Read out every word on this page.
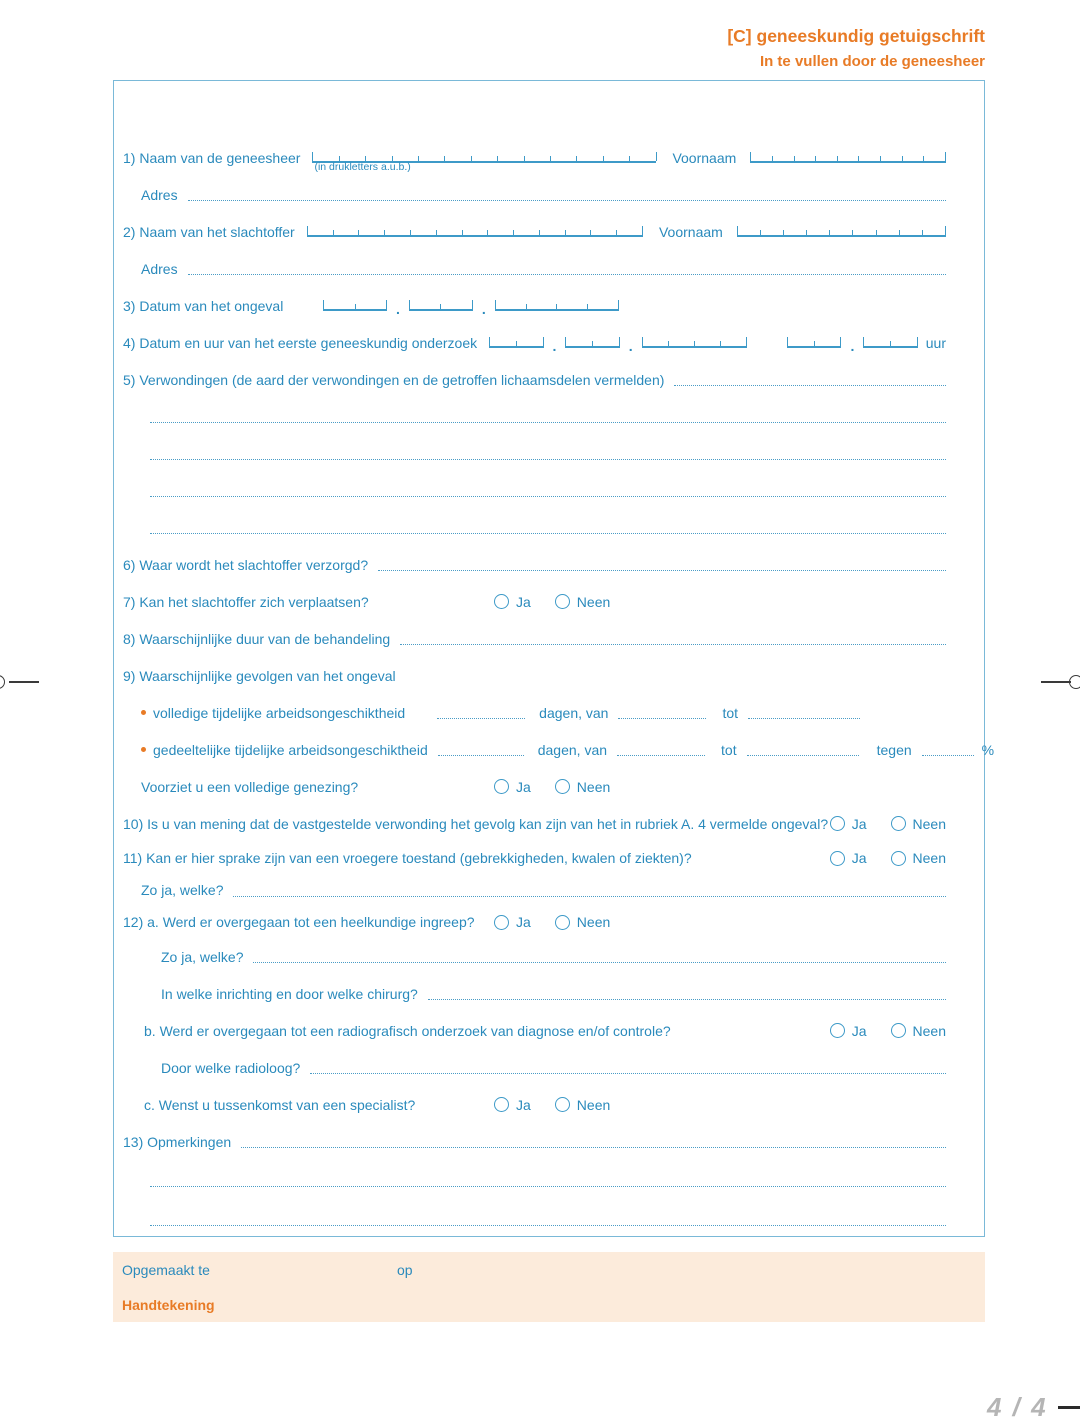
[C] geneeskundig getuigschrift
In te vullen door de geneesheer
1) Naam van de geneesheer
(in drukletters a.u.b.)
Voornaam
Adres
2) Naam van het slachtoffer	Voornaam
Adres
3) Datum van het ongeval	.	.
4) Datum en uur van het eerste geneeskundig onderzoek	.	.	.	uur
5) Verwondingen (de aard der verwondingen en de getroffen lichaamsdelen vermelden)
6) Waar wordt het slachtoffer verzorgd?
7) Kan het slachtoffer zich verplaatsen?	Ja	Neen
8) Waarschijnlijke duur van de behandeling
9) Waarschijnlijke gevolgen van het ongeval
volledige tijdelijke arbeidsongeschiktheid	dagen, van	tot
gedeeltelijke tijdelijke arbeidsongeschiktheid	dagen, van	tot	tegen	%
Voorziet u een volledige genezing?	Ja	Neen
10) Is u van mening dat de vastgestelde verwonding het gevolg kan zijn van het in rubriek A. 4 vermelde ongeval? Ja	Neen
11) Kan er hier sprake zijn van een vroegere toestand (gebrekkigheden, kwalen of ziekten)?	Ja	Neen
Zo ja, welke?
12) a. Werd er overgegaan tot een heelkundige ingreep?	Ja	Neen
Zo ja, welke?
In welke inrichting en door welke chirurg?
b. Werd er overgegaan tot een radiografisch onderzoek van diagnose en/of controle?	Ja	Neen
Door welke radioloog?
c. Wenst u tussenkomst van een specialist?	Ja	Neen
13) Opmerkingen
Opgemaakt te	op
Handtekening
4 / 4
